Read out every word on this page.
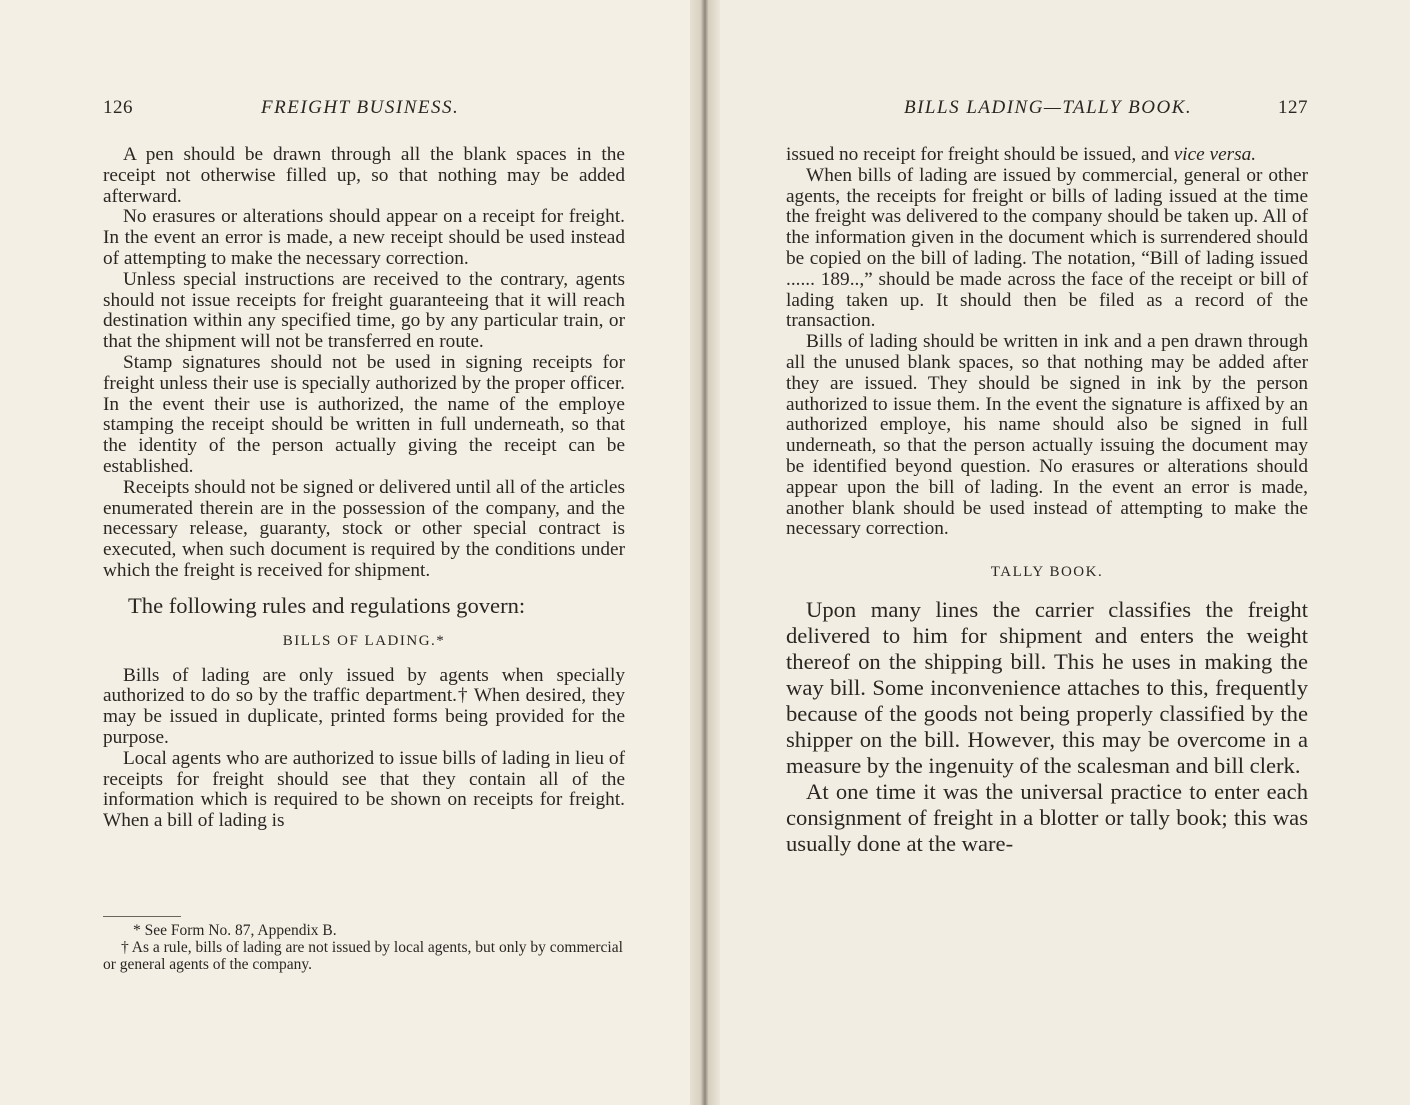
126	FREIGHT BUSINESS.

A pen should be drawn through all the blank spaces in the receipt not otherwise filled up, so that nothing may be added afterward.

No erasures or alterations should appear on a receipt for freight. In the event an error is made, a new receipt should be used instead of attempting to make the necessary correction.

Unless special instructions are received to the contrary, agents should not issue receipts for freight guaranteeing that it will reach destination within any specified time, go by any particular train, or that the shipment will not be transferred en route.

Stamp signatures should not be used in signing receipts for freight unless their use is specially authorized by the proper officer. In the event their use is authorized, the name of the employe stamping the receipt should be written in full underneath, so that the identity of the person actually giving the receipt can be established.

Receipts should not be signed or delivered until all of the articles enumerated therein are in the possession of the company, and the necessary release, guaranty, stock or other special contract is executed, when such document is required by the conditions under which the freight is received for shipment.

The following rules and regulations govern:

BILLS OF LADING.*

Bills of lading are only issued by agents when specially authorized to do so by the traffic department.† When desired, they may be issued in duplicate, printed forms being provided for the purpose.

Local agents who are authorized to issue bills of lading in lieu of receipts for freight should see that they contain all of the information which is required to be shown on receipts for freight. When a bill of lading is

* See Form No. 87, Appendix B.

† As a rule, bills of lading are not issued by local agents, but only by commercial or general agents of the company.

BILLS LADING—TALLY BOOK.	127

issued no receipt for freight should be issued, and vice versa.

When bills of lading are issued by commercial, general or other agents, the receipts for freight or bills of lading issued at the time the freight was delivered to the company should be taken up. All of the information given in the document which is surrendered should be copied on the bill of lading. The notation, “Bill of lading issued ...... 189..,” should be made across the face of the receipt or bill of lading taken up. It should then be filed as a record of the transaction.

Bills of lading should be written in ink and a pen drawn through all the unused blank spaces, so that nothing may be added after they are issued. They should be signed in ink by the person authorized to issue them. In the event the signature is affixed by an authorized employe, his name should also be signed in full underneath, so that the person actually issuing the document may be identified beyond question. No erasures or alterations should appear upon the bill of lading. In the event an error is made, another blank should be used instead of attempting to make the necessary correction.

TALLY BOOK.

Upon many lines the carrier classifies the freight delivered to him for shipment and enters the weight thereof on the shipping bill. This he uses in making the way bill. Some inconvenience attaches to this, frequently because of the goods not being properly classified by the shipper on the bill. However, this may be overcome in a measure by the ingenuity of the scalesman and bill clerk.

At one time it was the universal practice to enter each consignment of freight in a blotter or tally book; this was usually done at the ware-
